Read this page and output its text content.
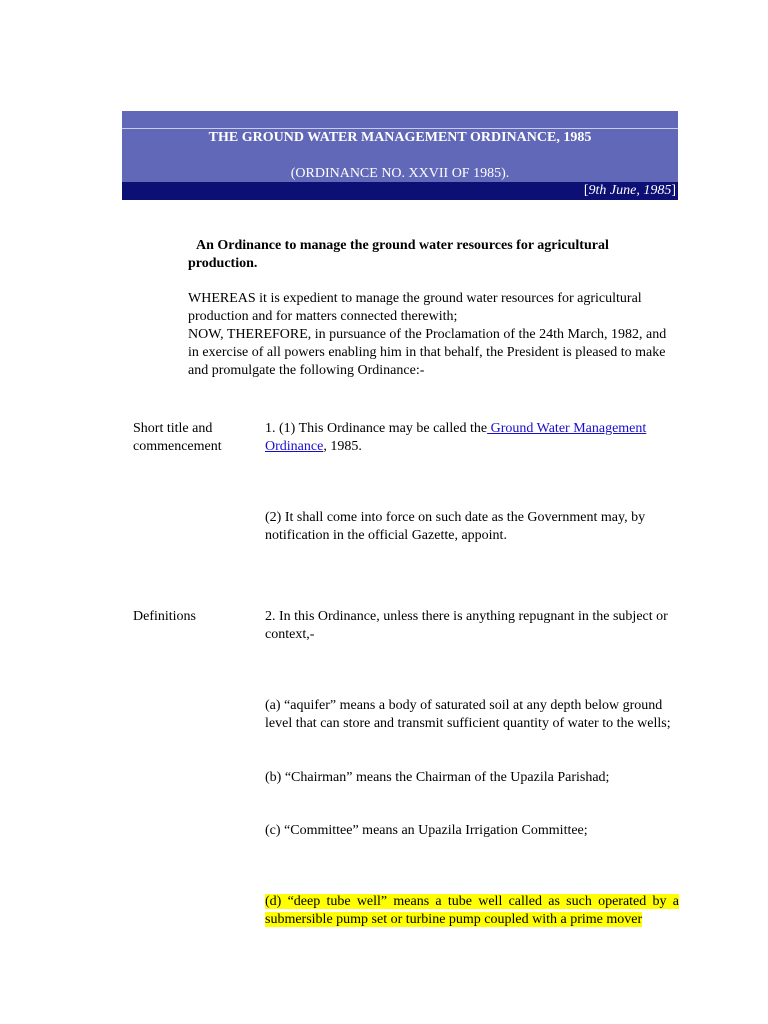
THE GROUND WATER MANAGEMENT ORDINANCE, 1985
(ORDINANCE NO. XXVII OF 1985).
[9th June, 1985]
An Ordinance to manage the ground water resources for agricultural production.

WHEREAS it is expedient to manage the ground water resources for agricultural production and for matters connected therewith;

NOW, THEREFORE, in pursuance of the Proclamation of the 24th March, 1982, and in exercise of all powers enabling him in that behalf, the President is pleased to make and promulgate the following Ordinance:-

Short title and commencement
1. (1) This Ordinance may be called the Ground Water Management Ordinance, 1985.
(2) It shall come into force on such date as the Government may, by notification in the official Gazette, appoint.
Definitions	2. In this Ordinance, unless there is anything repugnant in the subject or context,-
(a) “aquifer” means a body of saturated soil at any depth below ground level that can store and transmit sufficient quantity of water to the wells;
(b) “Chairman” means the Chairman of the Upazila Parishad;
(c) “Committee” means an Upazila Irrigation Committee;
(d) “deep tube well” means a tube well called as such operated by a submersible pump set or turbine pump coupled with a prime mover
